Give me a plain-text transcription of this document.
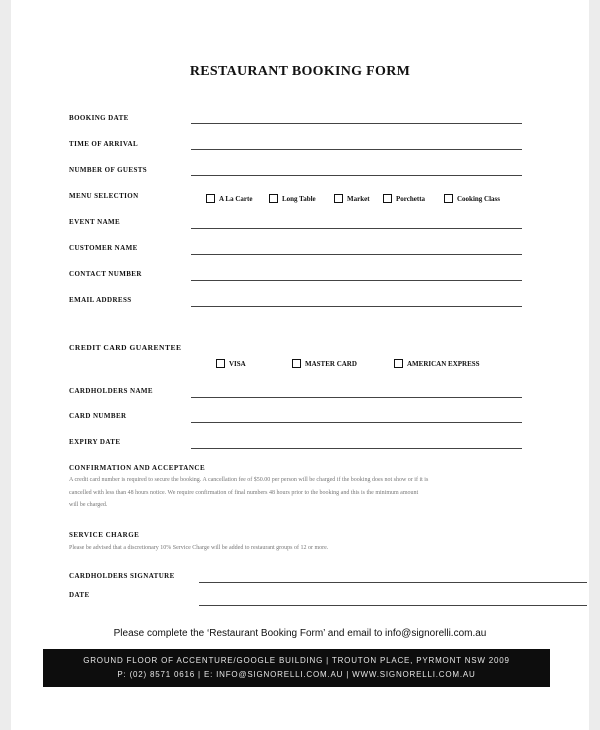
RESTAURANT BOOKING FORM
BOOKING DATE
TIME OF ARRIVAL
NUMBER OF GUESTS
MENU SELECTION	A La Carte	Long Table	Market	Porchetta	Cooking Class
EVENT NAME
CUSTOMER NAME
CONTACT NUMBER
EMAIL ADDRESS
CREDIT CARD GUARENTEE
VISA	MASTER CARD	AMERICAN EXPRESS
CARDHOLDERS NAME
CARD NUMBER
EXPIRY DATE
CONFIRMATION AND ACCEPTANCE
A credit card number is required to secure the booking. A cancellation fee of $50.00 per person will be charged if the booking does not show or if it is
cancelled with less than 48 hours notice. We require confirmation of final numbers 48 hours prior to the booking and this is the minimum amount
will be charged.
SERVICE CHARGE
Please be advised that a discretionary 10% Service Charge will be added to restaurant groups of 12 or more.
CARDHOLDERS SIGNATURE
DATE
Please complete the ‘Restaurant Booking Form’ and email to info@signorelli.com.au
GROUND FLOOR OF ACCENTURE/GOOGLE BUILDING | TROUTON PLACE, PYRMONT NSW 2009
P: (02) 8571 0616 | E: INFO@SIGNORELLI.COM.AU | WWW.SIGNORELLI.COM.AU
